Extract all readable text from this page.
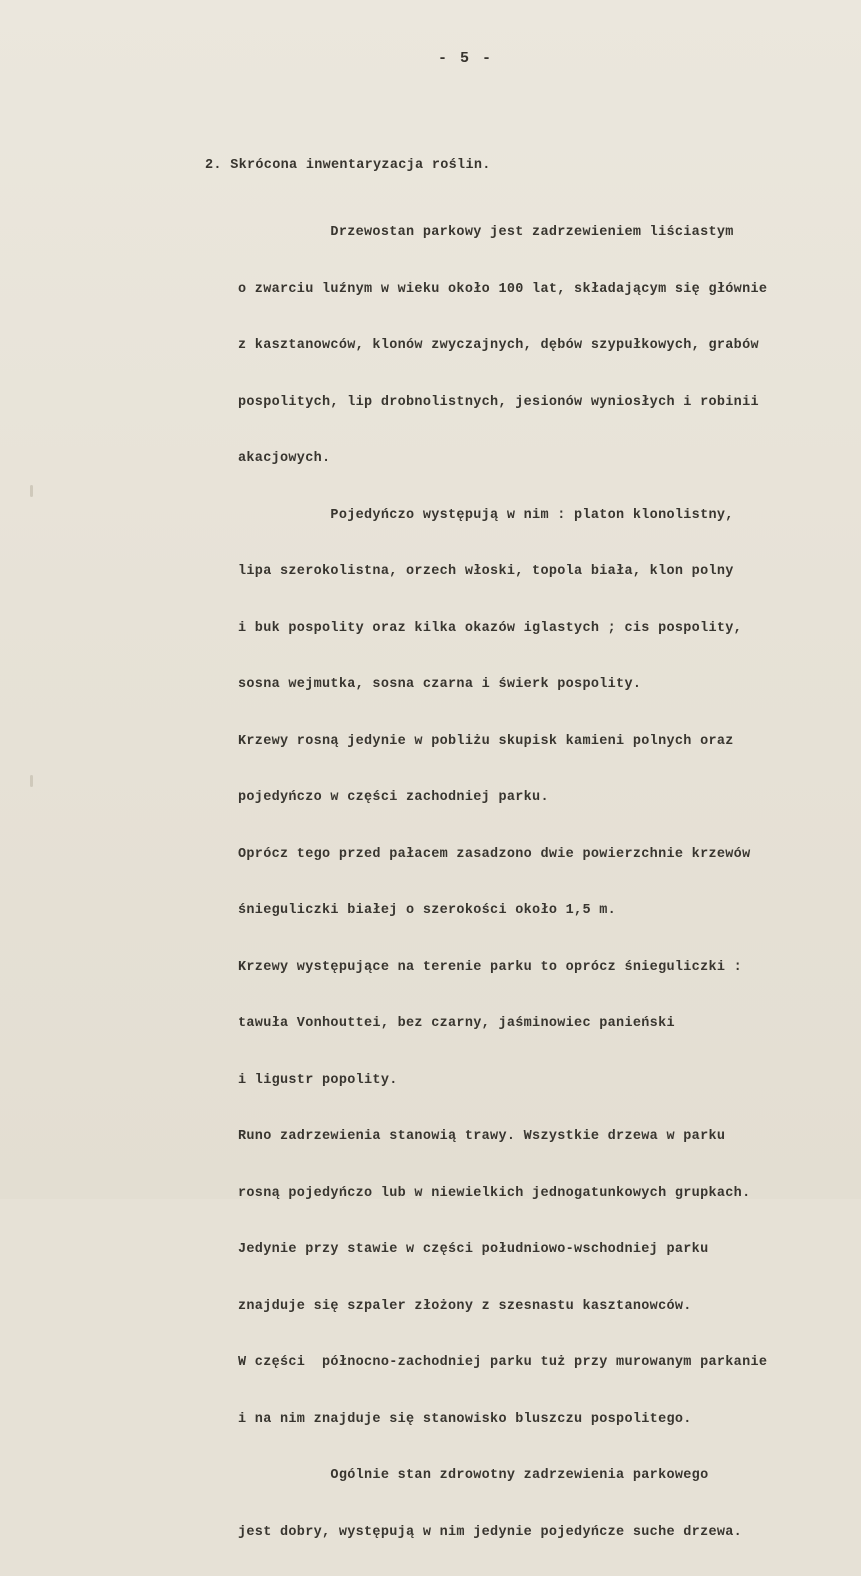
- 5 -
2. Skrócona inwentaryzacja roślin.

Drzewostan parkowy jest zadrzewieniem liściastym

o zwarciu luźnym w wieku około 100 lat, składającym się głównie

z kasztanowców, klonów zwyczajnych, dębów szypułkowych, grabów

pospolitych, lip drobnolistnych, jesionów wyniosłych i robinii

akacjowych.

Pojedyńczo występują w nim : platon klonolistny,

lipa szerokolistna, orzech włoski, topola biała, klon polny

i buk pospolity oraz kilka okazów iglastych ; cis pospolity,

sosna wejmutka, sosna czarna i świerk pospolity.

Krzewy rosną jedynie w pobliżu skupisk kamieni polnych oraz

pojedyńczo w części zachodniej parku.

Oprócz tego przed pałacem zasadzono dwie powierzchnie krzewów

śnieguliczki białej o szerokości około 1,5 m.

Krzewy występujące na terenie parku to oprócz śnieguliczki :

tawuła Vonhouttei, bez czarny, jaśminowiec panieński

i ligustr popolity.

Runo zadrzewienia stanowią trawy. Wszystkie drzewa w parku

rosną pojedyńczo lub w niewielkich jednogatunkowych grupkach.

Jedynie przy stawie w części południowo-wschodniej parku

znajduje się szpaler złożony z szesnastu kasztanowców.

W części  północno-zachodniej parku tuż przy murowanym parkanie

i na nim znajduje się stanowisko bluszczu pospolitego.

Ogólnie stan zdrowotny zadrzewienia parkowego

jest dobry, występują w nim jedynie pojedyńcze suche drzewa.
